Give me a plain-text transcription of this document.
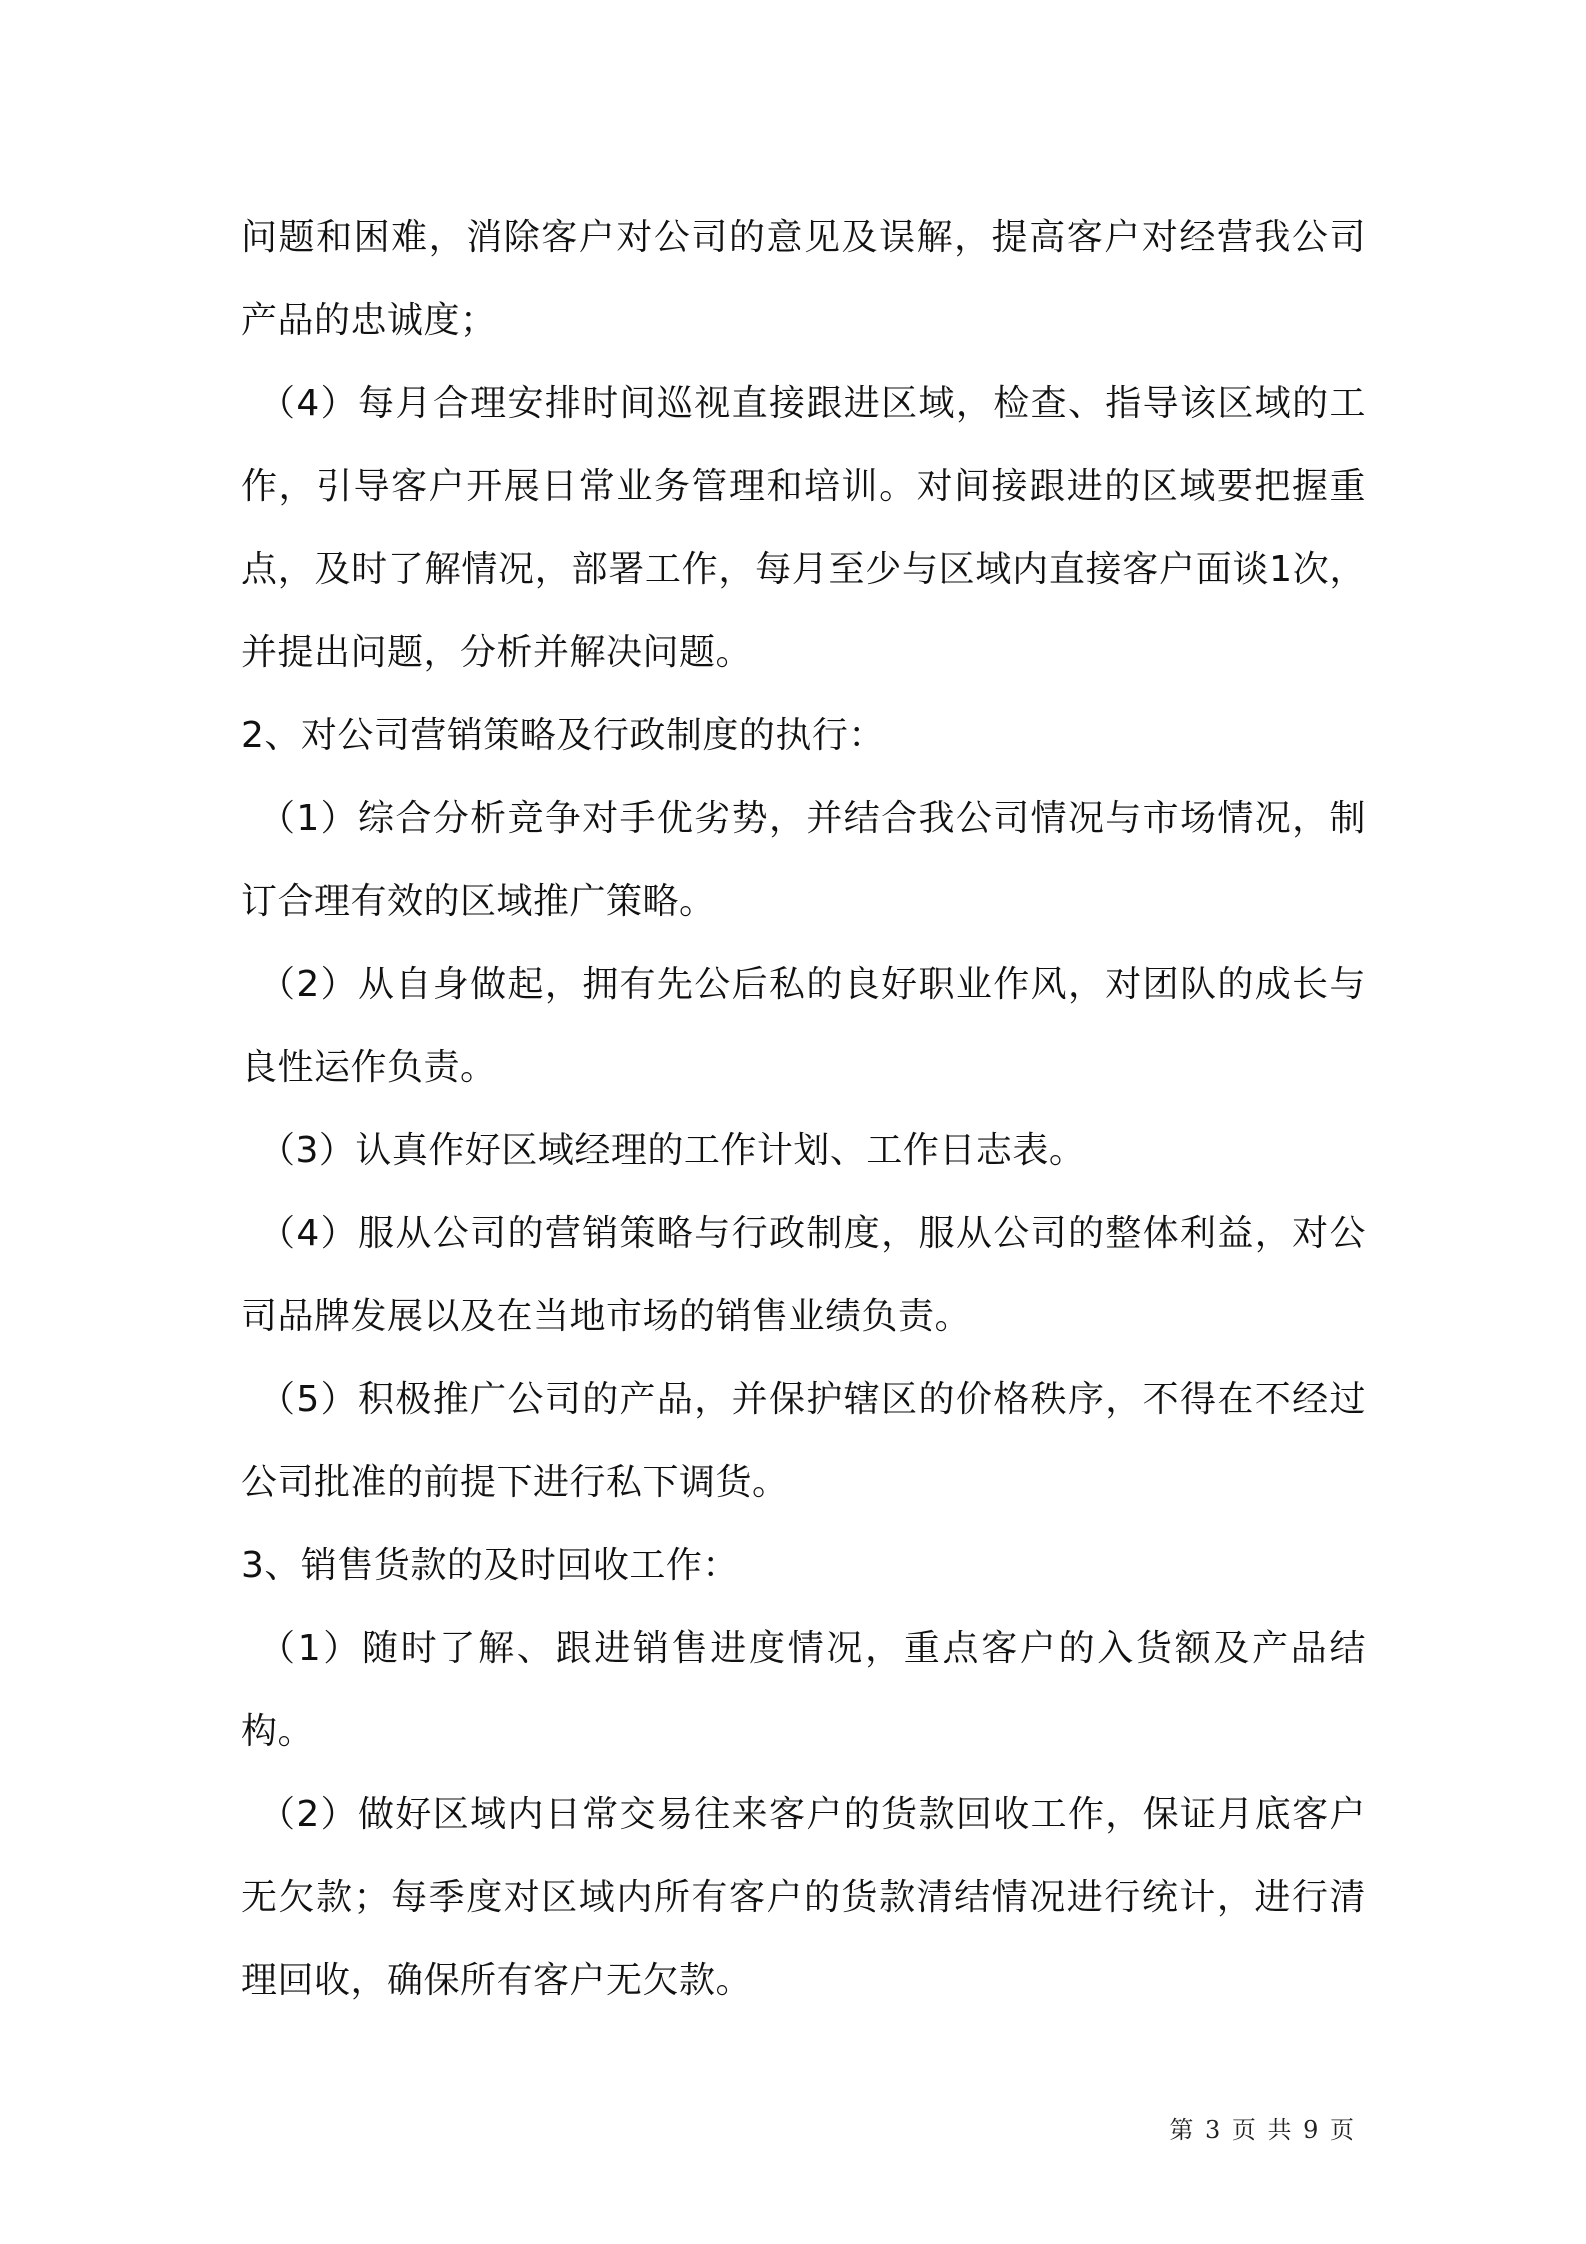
问题和困难，消除客户对公司的意见及误解，提高客户对经营我公司产品的忠诚度；

（4）每月合理安排时间巡视直接跟进区域，检查、指导该区域的工作，引导客户开展日常业务管理和培训。对间接跟进的区域要把握重点，及时了解情况，部署工作，每月至少与区域内直接客户面谈1次，并提出问题，分析并解决问题。

2、对公司营销策略及行政制度的执行：

（1）综合分析竞争对手优劣势，并结合我公司情况与市场情况，制订合理有效的区域推广策略。

（2）从自身做起，拥有先公后私的良好职业作风，对团队的成长与良性运作负责。

（3）认真作好区域经理的工作计划、工作日志表。

（4）服从公司的营销策略与行政制度，服从公司的整体利益，对公司品牌发展以及在当地市场的销售业绩负责。

（5）积极推广公司的产品，并保护辖区的价格秩序，不得在不经过公司批准的前提下进行私下调货。

3、销售货款的及时回收工作：

（1）随时了解、跟进销售进度情况，重点客户的入货额及产品结构。

（2）做好区域内日常交易往来客户的货款回收工作，保证月底客户无欠款；每季度对区域内所有客户的货款清结情况进行统计，进行清理回收，确保所有客户无欠款。

第 3 页 共 9 页
